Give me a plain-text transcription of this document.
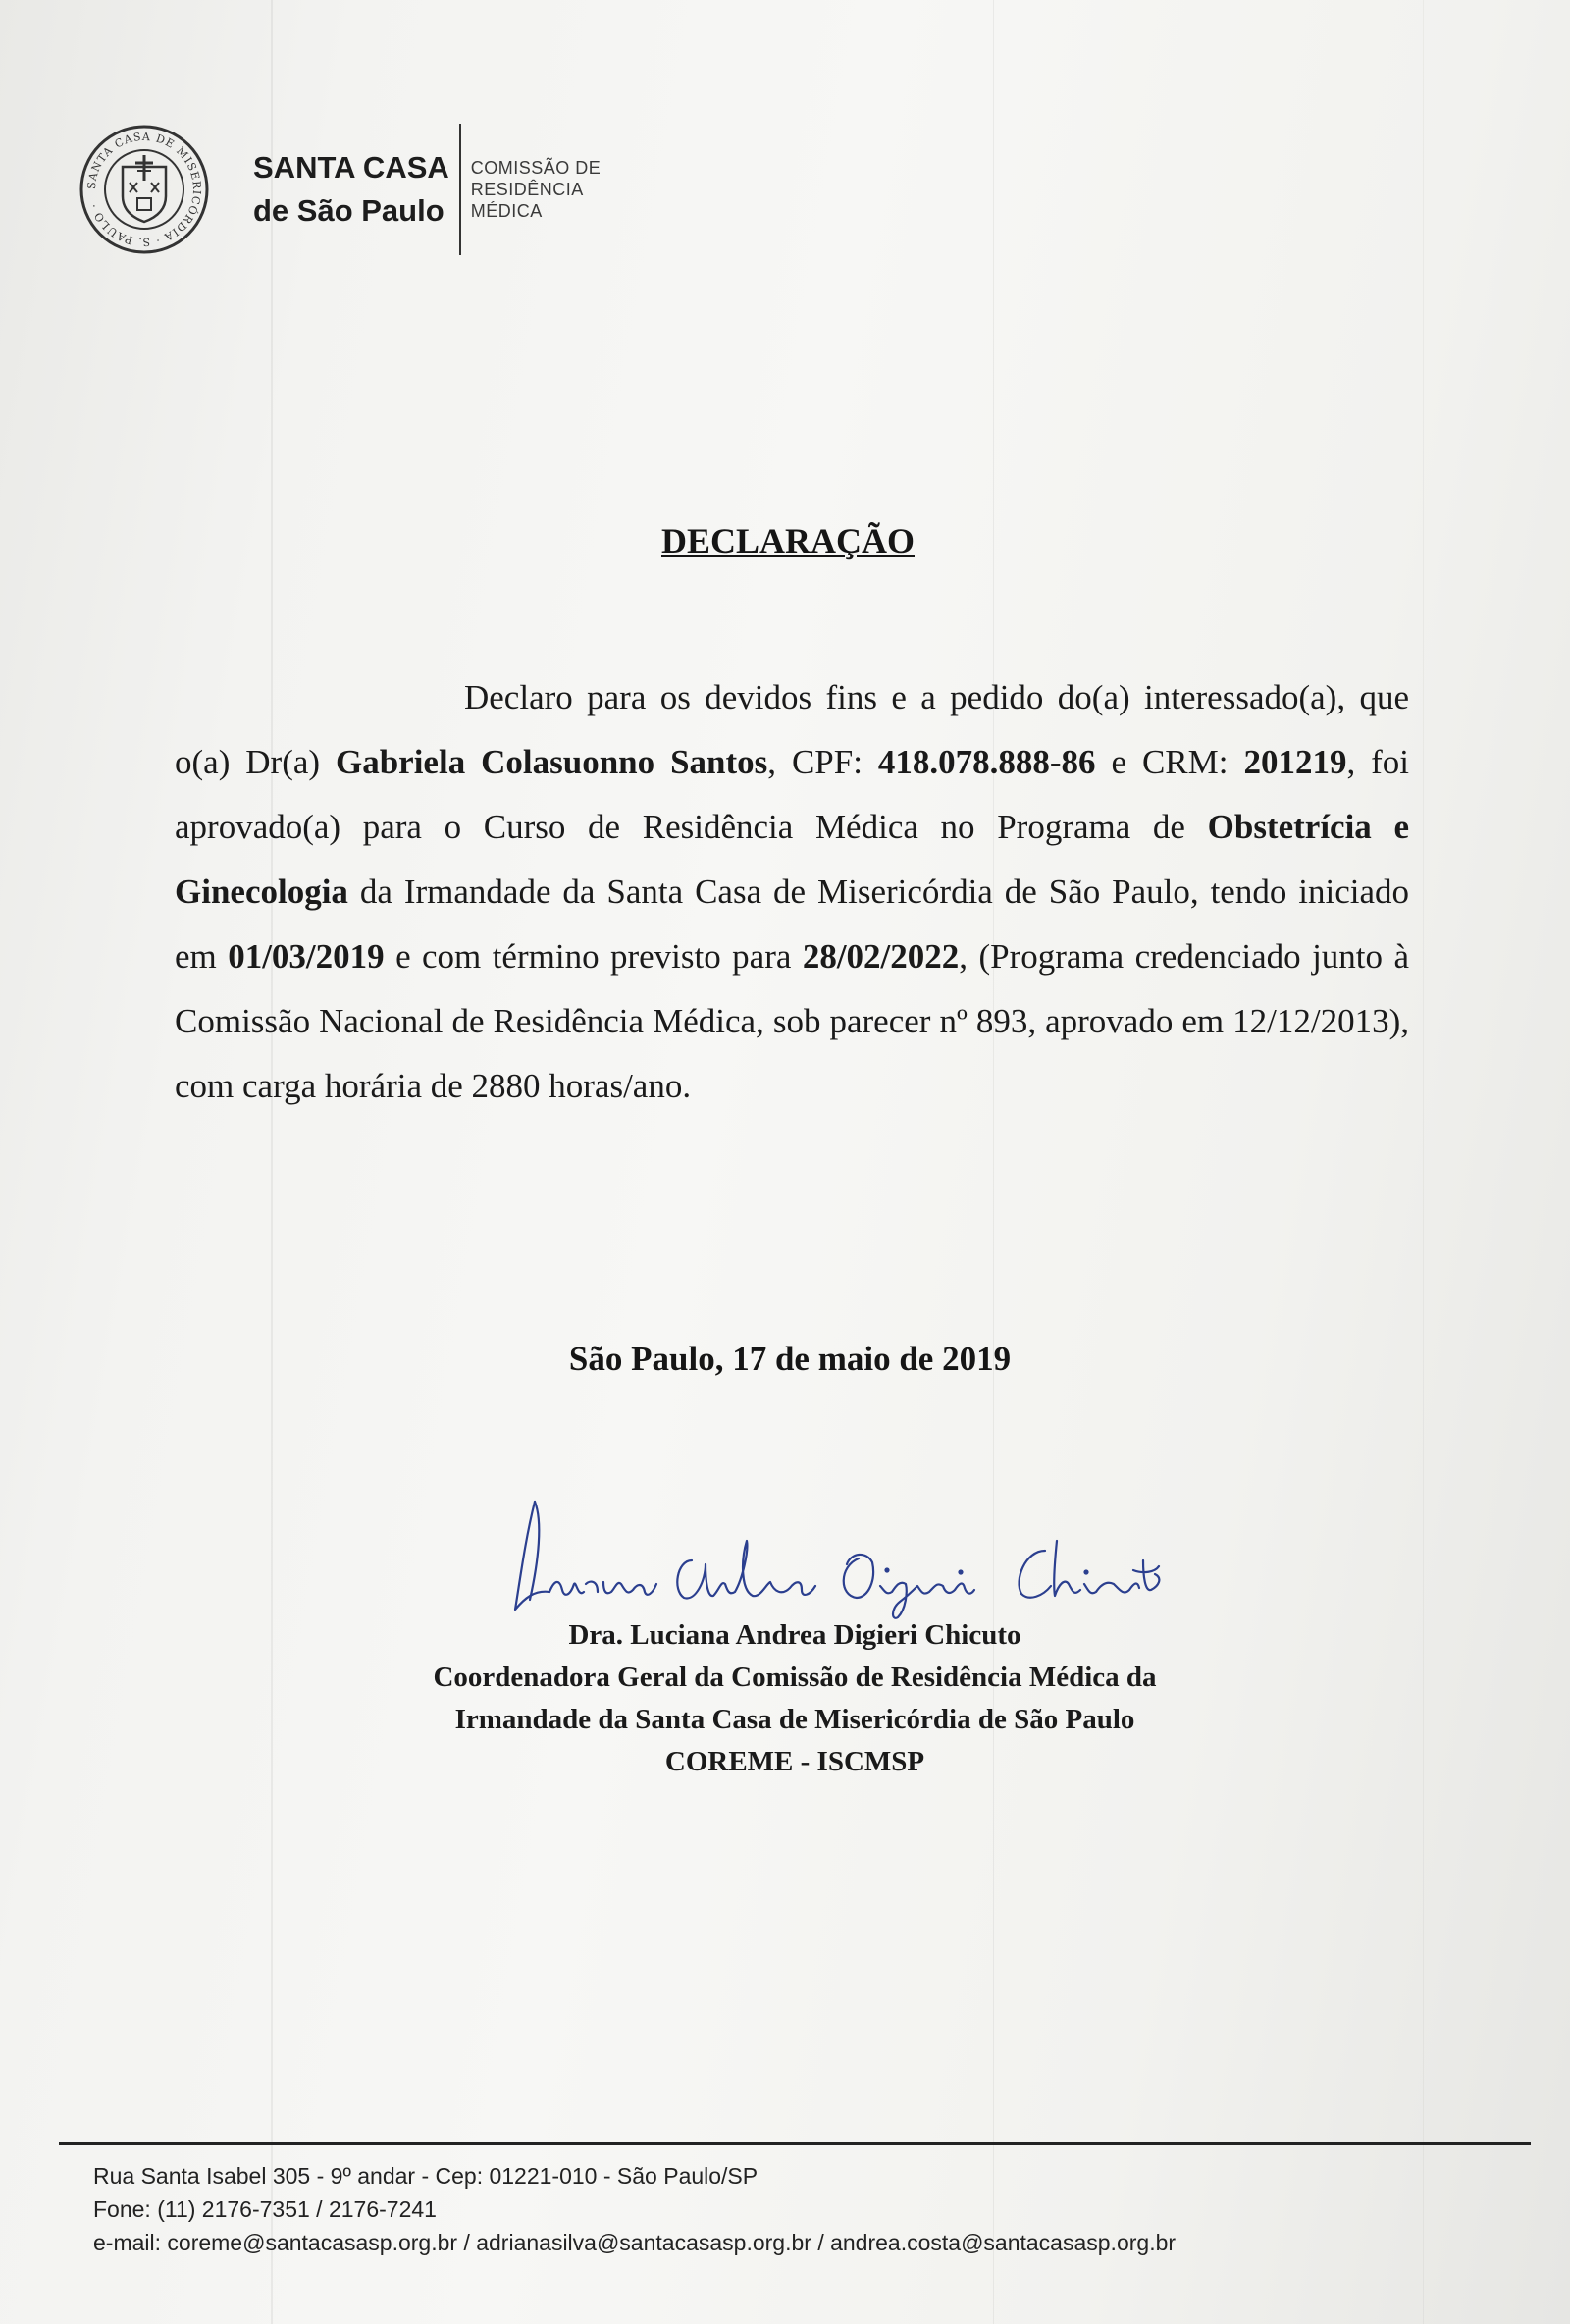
SANTA CASA DE MISERICÓRDIA · S. PAULO ·
SANTA CASA
de São Paulo
COMISSÃO DE
RESIDÊNCIA
MÉDICA
DECLARAÇÃO
Declaro para os devidos fins e a pedido do(a) interessado(a), que o(a) Dr(a) Gabriela Colasuonno Santos, CPF: 418.078.888-86 e CRM: 201219, foi aprovado(a) para o Curso de Residência Médica no Programa de Obstetrícia e Ginecologia da Irmandade da Santa Casa de Misericórdia de São Paulo, tendo iniciado em 01/03/2019 e com término previsto para 28/02/2022, (Programa credenciado junto à Comissão Nacional de Residência Médica, sob parecer nº 893, aprovado em 12/12/2013), com carga horária de 2880 horas/ano.
São Paulo, 17 de maio de 2019
Dra. Luciana Andrea Digieri Chicuto
Coordenadora Geral da Comissão de Residência Médica da
Irmandade da Santa Casa de Misericórdia de São Paulo
COREME - ISCMSP
Rua Santa Isabel 305 - 9º andar - Cep: 01221-010 - São Paulo/SP
Fone: (11) 2176-7351 / 2176-7241
e-mail: coreme@santacasasp.org.br / adrianasilva@santacasasp.org.br / andrea.costa@santacasasp.org.br
